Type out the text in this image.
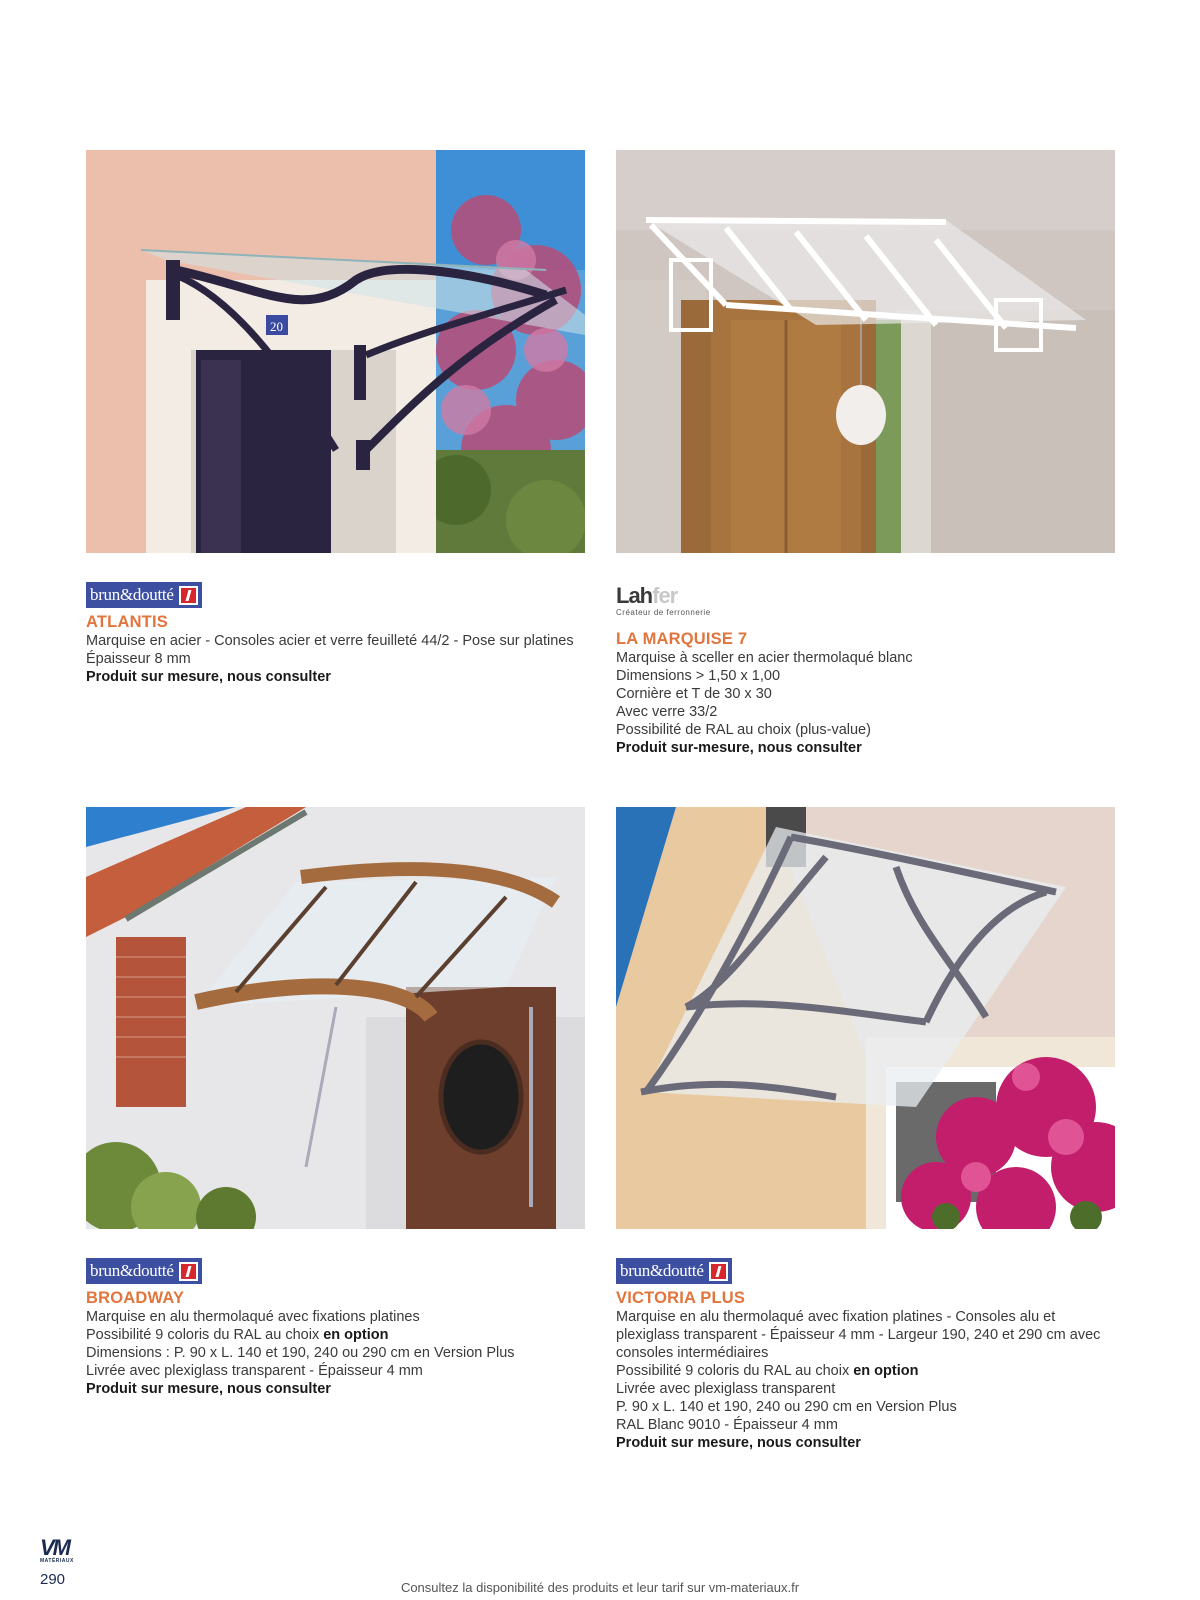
20
brun&doutté
ATLANTIS
Marquise en acier - Consoles acier et verre feuilleté 44/2 - Pose sur platines
Épaisseur 8 mm
Produit sur mesure, nous consulter
Lahfer
Créateur de ferronnerie
LA MARQUISE 7
Marquise à sceller en acier thermolaqué blanc
Dimensions > 1,50 x 1,00
Cornière et T de 30 x 30
Avec verre 33/2
Possibilité de RAL au choix (plus-value)
Produit sur-mesure, nous consulter
brun&doutté
BROADWAY
Marquise en alu thermolaqué avec fixations platines
Possibilité 9 coloris du RAL au choix en option
Dimensions : P. 90 x L. 140 et 190, 240 ou 290 cm en Version Plus
Livrée avec plexiglass transparent - Épaisseur 4 mm
Produit sur mesure, nous consulter
brun&doutté
VICTORIA PLUS
Marquise en alu thermolaqué avec fixation platines - Consoles alu et
plexiglass transparent - Épaisseur 4 mm - Largeur 190, 240 et 290 cm avec
consoles intermédiaires
Possibilité 9 coloris du RAL au choix en option
Livrée avec plexiglass transparent
P. 90 x L. 140 et 190, 240 ou 290 cm en Version Plus
RAL Blanc 9010 - Épaisseur 4 mm
Produit sur mesure, nous consulter
VM
MATÉRIAUX
290	Consultez la disponibilité des produits et leur tarif sur vm-materiaux.fr
